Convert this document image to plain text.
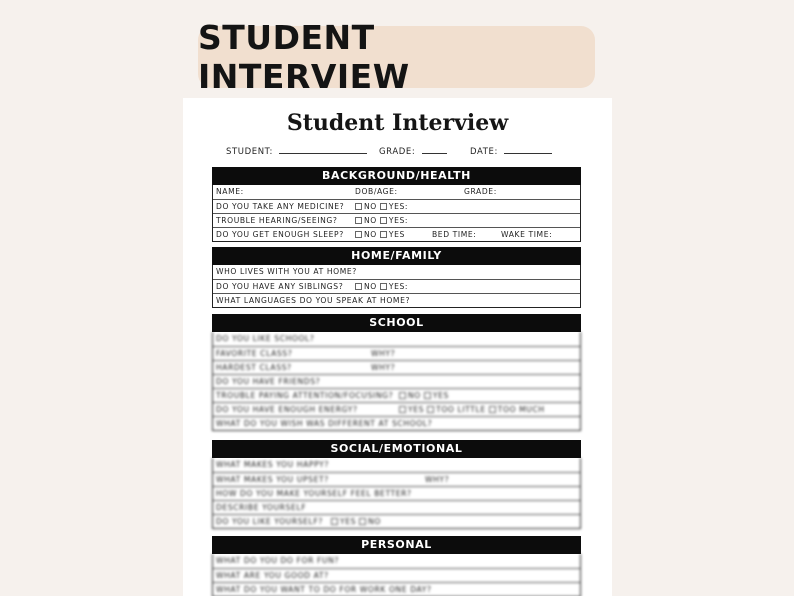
STUDENT INTERVIEW
Student Interview
STUDENT:	GRADE:	DATE:
BACKGROUND/HEALTH
NAME:	DOB/AGE:	GRADE:
DO YOU TAKE ANY MEDICINE?	NO YES:
TROUBLE HEARING/SEEING?	NO YES:
DO YOU GET ENOUGH SLEEP?	NO YES	BED TIME:	WAKE TIME:
HOME/FAMILY
WHO LIVES WITH YOU AT HOME?
DO YOU HAVE ANY SIBLINGS?	NO YES:
WHAT LANGUAGES DO YOU SPEAK AT HOME?
SCHOOL
DO YOU LIKE SCHOOL?
FAVORITE CLASS?	WHY?
HARDEST CLASS?	WHY?
DO YOU HAVE FRIENDS?
TROUBLE PAYING ATTENTION/FOCUSING?	NO YES
DO YOU HAVE ENOUGH ENERGY?	YES TOO LITTLE TOO MUCH
WHAT DO YOU WISH WAS DIFFERENT AT SCHOOL?
SOCIAL/EMOTIONAL
WHAT MAKES YOU HAPPY?
WHAT MAKES YOU UPSET?	WHY?
HOW DO YOU MAKE YOURSELF FEEL BETTER?
DESCRIBE YOURSELF
DO YOU LIKE YOURSELF?	YES NO
PERSONAL
WHAT DO YOU DO FOR FUN?
WHAT ARE YOU GOOD AT?
WHAT DO YOU WANT TO DO FOR WORK ONE DAY?
